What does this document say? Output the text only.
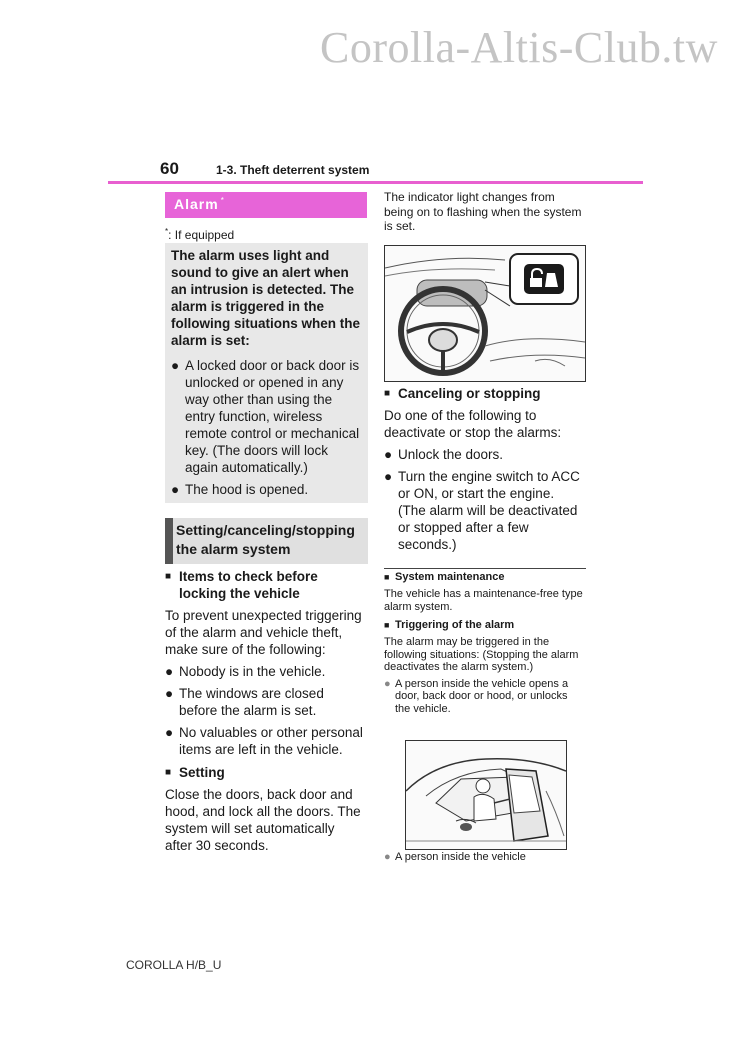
Corolla-Altis-Club.tw
60	1-3. Theft deterrent system
Alarm *
*: If equipped
The alarm uses light and sound to give an alert when an intrusion is detected. The alarm is triggered in the following situations when the alarm is set:
● A locked door or back door is unlocked or opened in any way other than using the entry function, wireless remote control or mechanical key. (The doors will lock again automatically.)
● The hood is opened.
Setting/canceling/stopping the alarm system
■ Items to check before locking the vehicle
To prevent unexpected triggering of the alarm and vehicle theft, make sure of the following:
● Nobody is in the vehicle.
● The windows are closed before the alarm is set.
● No valuables or other personal items are left in the vehicle.
■ Setting
Close the doors, back door and hood, and lock all the doors. The system will set automatically after 30 seconds.
The indicator light changes from being on to flashing when the system is set.
■ Canceling or stopping
Do one of the following to deactivate or stop the alarms:
● Unlock the doors.
● Turn the engine switch to ACC or ON, or start the engine. (The alarm will be deactivated or stopped after a few seconds.)
■ System maintenance
The vehicle has a maintenance-free type alarm system.
■ Triggering of the alarm
The alarm may be triggered in the following situations: (Stopping the alarm deactivates the alarm system.)
● A person inside the vehicle opens a door, back door or hood, or unlocks the vehicle.
● A person inside the vehicle
COROLLA H/B_U
